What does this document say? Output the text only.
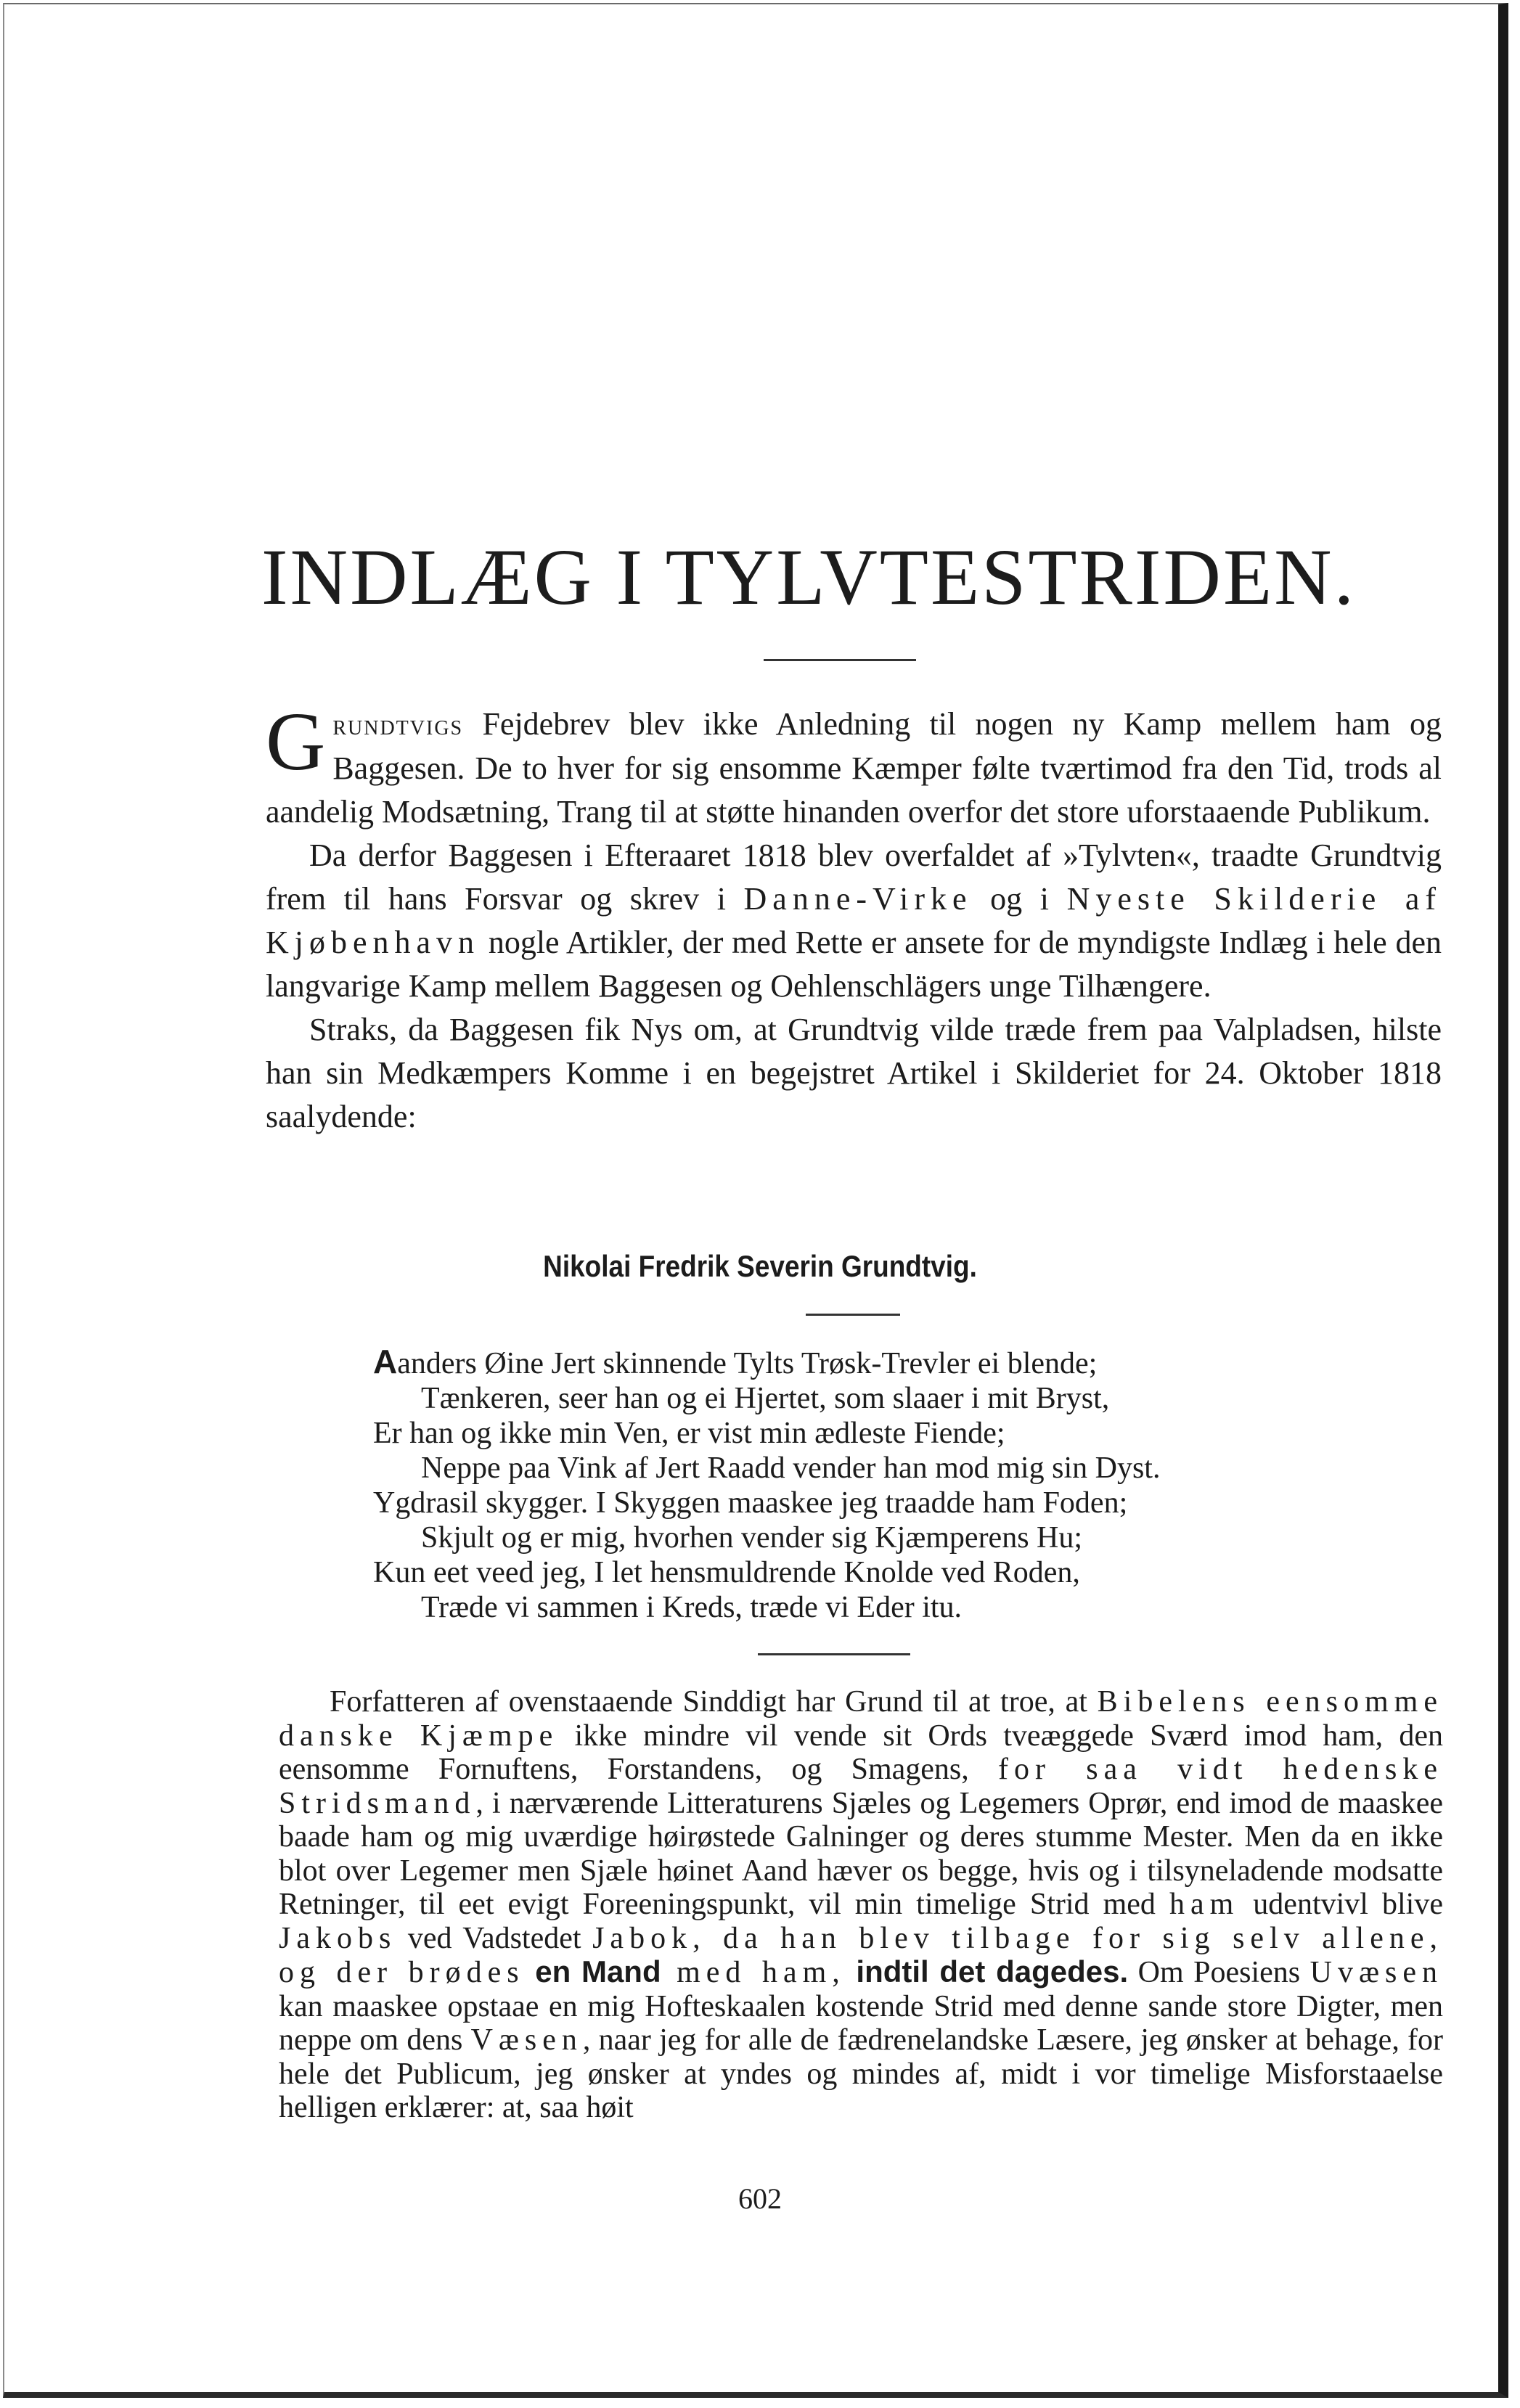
INDLÆG I TYLVTESTRIDEN.

Grundtvigs Fejdebrev blev ikke Anledning til nogen ny Kamp mellem ham og Baggesen. De to hver for sig ensomme Kæmper følte tværtimod fra den Tid, trods al aandelig Modsætning, Trang til at støtte hinanden overfor det store uforstaaende Publikum.

Da derfor Baggesen i Efteraaret 1818 blev overfaldet af »Tylvten«, traadte Grundtvig frem til hans Forsvar og skrev i Danne-Virke og i Nyeste Skilderie af Kjøbenhavn nogle Artikler, der med Rette er ansete for de myndigste Indlæg i hele den langvarige Kamp mellem Baggesen og Oehlenschlägers unge Tilhængere.

Straks, da Baggesen fik Nys om, at Grundtvig vilde træde frem paa Valpladsen, hilste han sin Medkæmpers Komme i en begejstret Artikel i Skilderiet for 24. Oktober 1818 saalydende:

Nikolai Fredrik Severin Grundtvig.
Aanders Øine Jert skinnende Tylts Trøsk-Trevler ei blende;
Tænkeren, seer han og ei Hjertet, som slaaer i mit Bryst,
Er han og ikke min Ven, er vist min ædleste Fiende;
Neppe paa Vink af Jert Raadd vender han mod mig sin Dyst.
Ygdrasil skygger. I Skyggen maaskee jeg traadde ham Foden;
Skjult og er mig, hvorhen vender sig Kjæmperens Hu;
Kun eet veed jeg, I let hensmuldrende Knolde ved Roden,
Træde vi sammen i Kreds, træde vi Eder itu.

Forfatteren af ovenstaaende Sinddigt har Grund til at troe, at Bibelens eensomme danske Kjæmpe ikke mindre vil vende sit Ords tveæggede Sværd imod ham, den eensomme Fornuftens, Forstandens, og Smagens, for saa vidt hedenske Stridsmand, i nærværende Litteraturens Sjæles og Legemers Oprør, end imod de maaskee baade ham og mig uværdige høirøstede Galninger og deres stumme Mester. Men da en ikke blot over Legemer men Sjæle høinet Aand hæver os begge, hvis og i tilsyneladende modsatte Retninger, til eet evigt Foreeningspunkt, vil min timelige Strid med ham udentvivl blive Jakobs ved Vadstedet Jabok, da han blev tilbage for sig selv allene, og der brødes en Mand med ham, indtil det dagedes. Om Poesiens Uvæsen kan maaskee opstaae en mig Hofteskaalen kostende Strid med denne sande store Digter, men neppe om dens Væsen, naar jeg for alle de fædrenelandske Læsere, jeg ønsker at behage, for hele det Publicum, jeg ønsker at yndes og mindes af, midt i vor timelige Misforstaaelse helligen erklærer: at, saa høit

602
